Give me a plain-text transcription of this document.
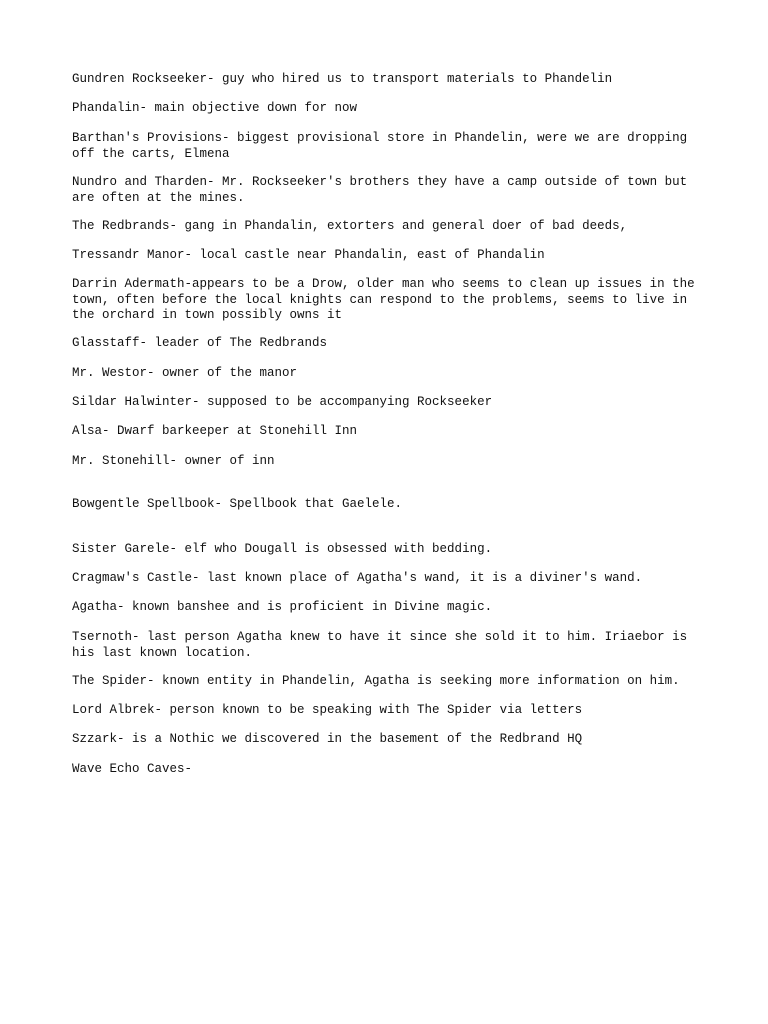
Gundren Rockseeker- guy who hired us to transport materials to Phandelin

Phandalin- main objective down for now

Barthan's Provisions- biggest provisional store in Phandelin, were we are dropping off the carts, Elmena

Nundro and Tharden- Mr. Rockseeker's brothers they have a camp outside of town but are often at the mines.

The Redbrands- gang in Phandalin, extorters and general doer of bad deeds,

Tressandr Manor- local castle near Phandalin, east of Phandalin

Darrin Adermath-appears to be a Drow, older man who seems to clean up issues in the town, often before the local knights can respond to the problems, seems to live in the orchard in town possibly owns it

Glasstaff- leader of The Redbrands

Mr. Westor- owner of the manor

Sildar Halwinter- supposed to be accompanying Rockseeker

Alsa- Dwarf barkeeper at Stonehill Inn

Mr. Stonehill- owner of inn

Bowgentle Spellbook- Spellbook that Gaelele.

Sister Garele- elf who Dougall is obsessed with bedding.

Cragmaw's Castle- last known place of Agatha's wand, it is a diviner's wand.

Agatha- known banshee and is proficient in Divine magic.

Tsernoth- last person Agatha knew to have it since she sold it to him. Iriaebor is his last known location.

The Spider- known entity in Phandelin, Agatha is seeking more information on him.

Lord Albrek- person known to be speaking with The Spider via letters

Szzark- is a Nothic we discovered in the basement of the Redbrand HQ

Wave Echo Caves-
